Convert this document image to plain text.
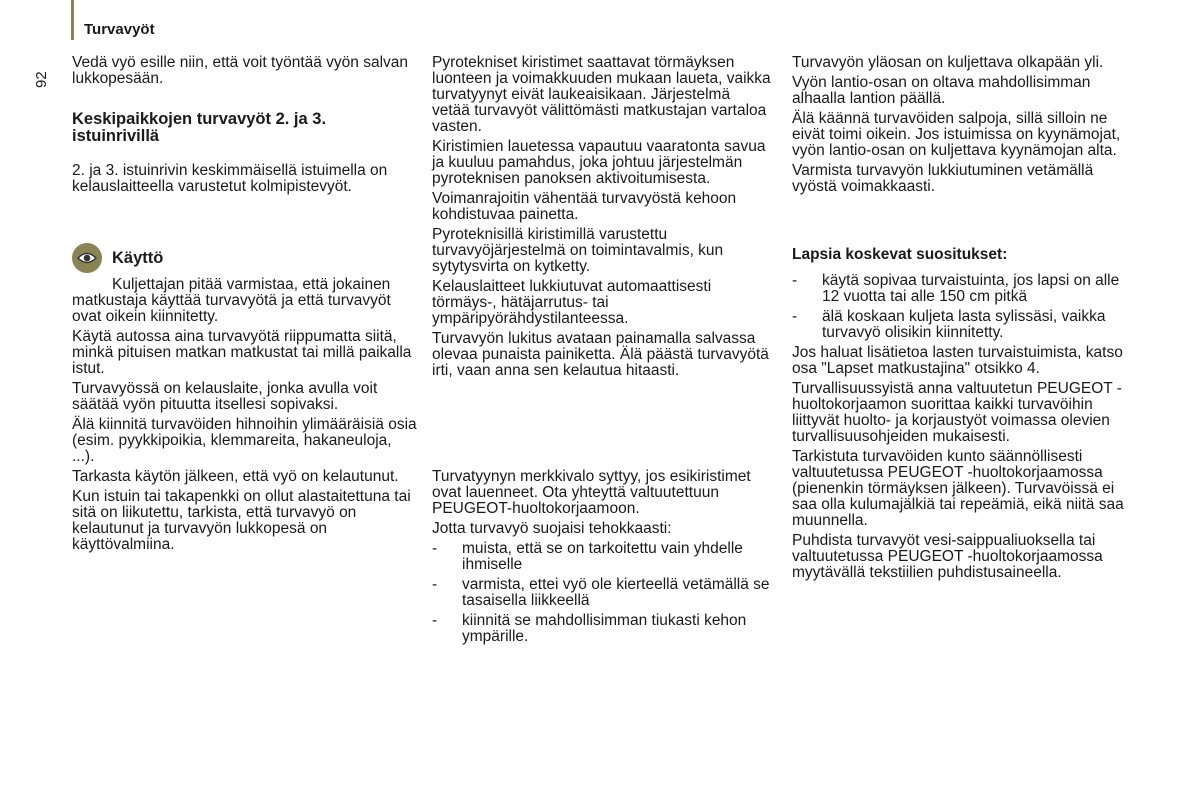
Turvavyöt
92

Vedä vyö esille niin, että voit työntää vyön salvan lukkopesään.

Keskipaikkojen turvavyöt 2. ja 3. istuinrivillä

2. ja 3. istuinrivin keskimmäisellä istuimella on kelauslaitteella varustetut kolmipistevyöt.

Käyttö

Kuljettajan pitää varmistaa, että jokainen matkustaja käyttää turvavyötä ja että turvavyöt ovat oikein kiinnitetty.

Käytä autossa aina turvavyötä riippumatta siitä, minkä pituisen matkan matkustat tai millä paikalla istut.

Turvavyössä on kelauslaite, jonka avulla voit säätää vyön pituutta itsellesi sopivaksi.

Älä kiinnitä turvavöiden hihnoihin ylimääräisiä osia (esim. pyykkipoikia, klemmareita, hakaneuloja, ...).

Tarkasta käytön jälkeen, että vyö on kelautunut.

Kun istuin tai takapenkki on ollut alastaitettuna tai sitä on liikutettu, tarkista, että turvavyö on kelautunut ja turvavyön lukkopesä on käyttövalmiina.

Pyrotekniset kiristimet saattavat törmäyksen luonteen ja voimakkuuden mukaan laueta, vaikka turvatyynyt eivät laukeaisikaan. Järjestelmä vetää turvavyöt välittömästi matkustajan vartaloa vasten.

Kiristimien lauetessa vapautuu vaaratonta savua ja kuuluu pamahdus, joka johtuu järjestelmän pyroteknisen panoksen aktivoitumisesta.

Voimanrajoitin vähentää turvavyöstä kehoon kohdistuvaa painetta.

Pyroteknisillä kiristimillä varustettu turvavyöjärjestelmä on toimintavalmis, kun sytytysvirta on kytketty.

Kelauslaitteet lukkiutuvat automaattisesti törmäys-, hätäjarrutus- tai ympäripyörähdystilanteessa.

Turvavyön lukitus avataan painamalla salvassa olevaa punaista painiketta. Älä päästä turvavyötä irti, vaan anna sen kelautua hitaasti.

Turvatyynyn merkkivalo syttyy, jos esikiristimet ovat lauenneet. Ota yhteyttä valtuutettuun PEUGEOT-huoltokorjaamoon.

Jotta turvavyö suojaisi tehokkaasti:

- muista, että se on tarkoitettu vain yhdelle ihmiselle
- varmista, ettei vyö ole kierteellä vetämällä se tasaisella liikkeellä
- kiinnitä se mahdollisimman tiukasti kehon ympärille.

Turvavyön yläosan on kuljettava olkapään yli.

Vyön lantio-osan on oltava mahdollisimman alhaalla lantion päällä.

Älä käännä turvavöiden salpoja, sillä silloin ne eivät toimi oikein. Jos istuimissa on kyynämojat, vyön lantio-osan on kuljettava kyynämojan alta.

Varmista turvavyön lukkiutuminen vetämällä vyöstä voimakkaasti.

Lapsia koskevat suositukset:

- käytä sopivaa turvaistuinta, jos lapsi on alle 12 vuotta tai alle 150 cm pitkä
- älä koskaan kuljeta lasta sylissäsi, vaikka turvavyö olisikin kiinnitetty.

Jos haluat lisätietoa lasten turvaistuimista, katso osa "Lapset matkustajina" otsikko 4.

Turvallisuussyistä anna valtuutetun PEUGEOT -huoltokorjaamon suorittaa kaikki turvavöihin liittyvät huolto- ja korjaustyöt voimassa olevien turvallisuusohjeiden mukaisesti.

Tarkistuta turvavöiden kunto säännöllisesti valtuutetussa PEUGEOT -huoltokorjaamossa (pienenkin törmäyksen jälkeen). Turvavöissä ei saa olla kulumajälkiä tai repeämiä, eikä niitä saa muunnella.

Puhdista turvavyöt vesi-saippualiuoksella tai valtuutetussa PEUGEOT -huoltokorjaamossa myytävällä tekstiilien puhdistusaineella.
